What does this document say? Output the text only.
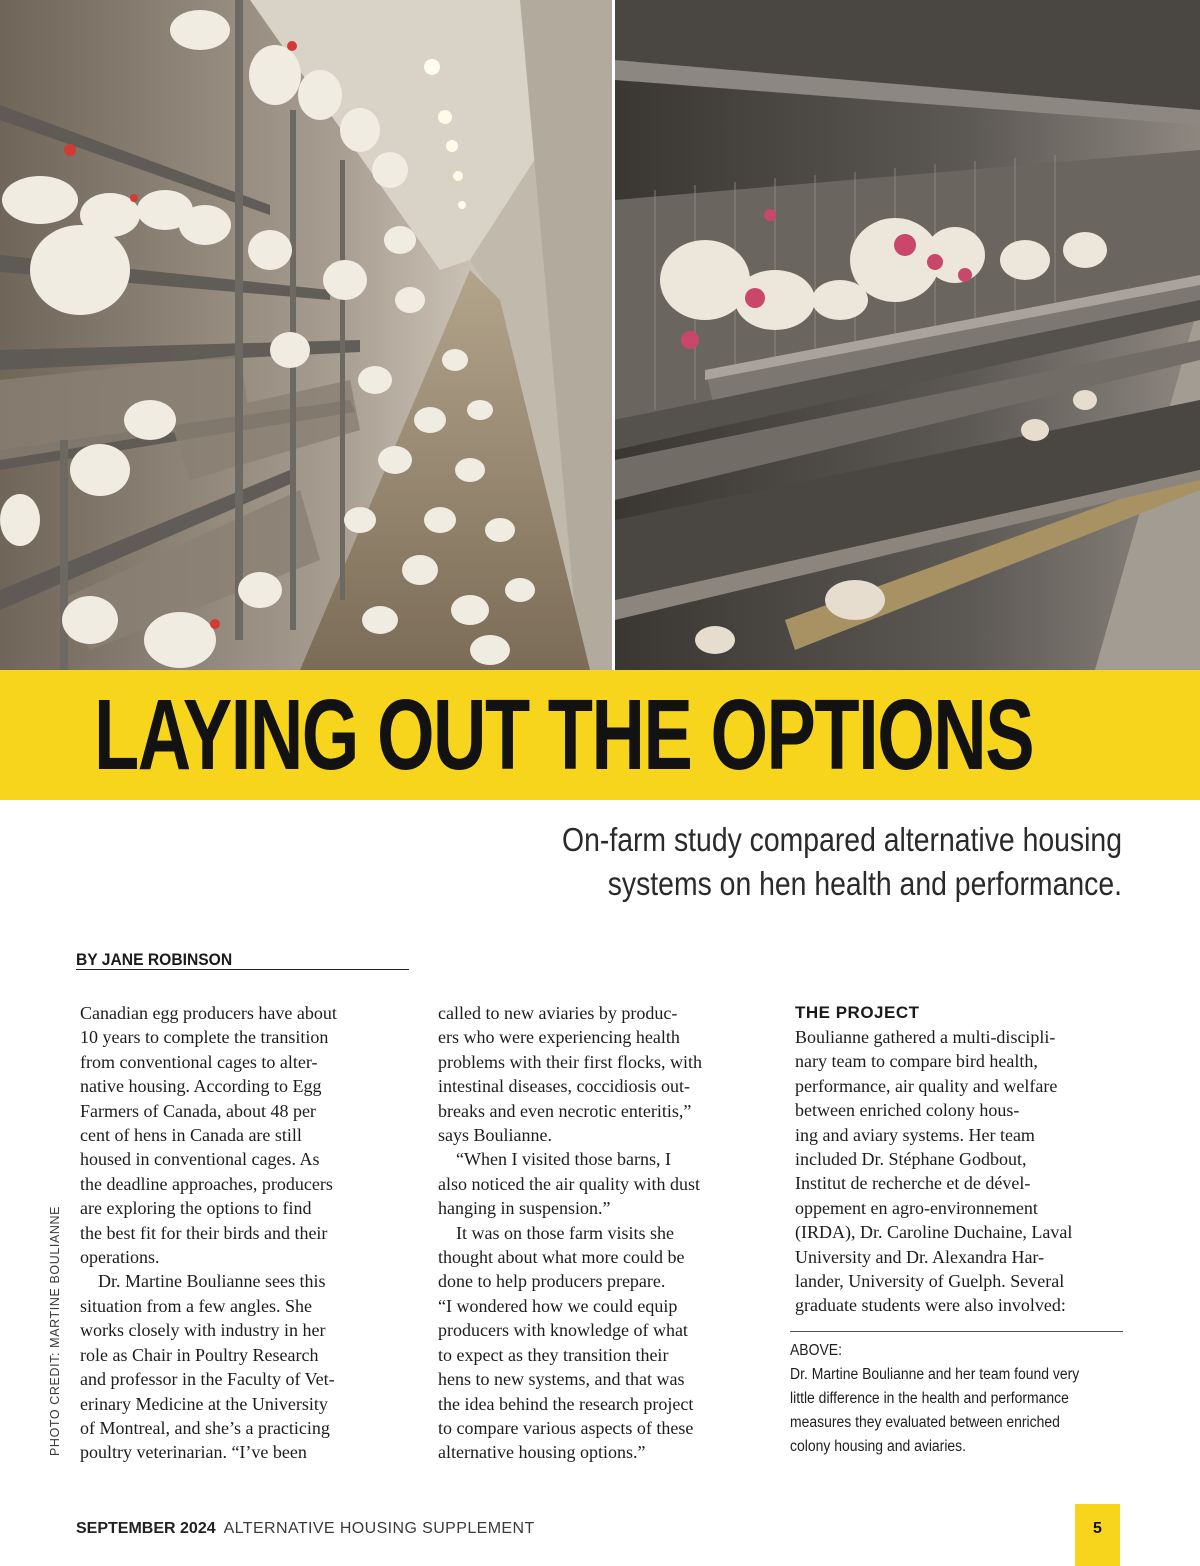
LAYING OUT THE OPTIONS
On-farm study compared alternative housing
systems on hen health and performance.
BY JANE ROBINSON
PHOTO CREDIT: MARTINE BOULIANNE
Canadian egg producers have about
10 years to complete the transition
from conventional cages to alter-
native housing. According to Egg
Farmers of Canada, about 48 per
cent of hens in Canada are still
housed in conventional cages. As
the deadline approaches, producers
are exploring the options to find
the best fit for their birds and their
operations.
Dr. Martine Boulianne sees this
situation from a few angles. She
works closely with industry in her
role as Chair in Poultry Research
and professor in the Faculty of Vet-
erinary Medicine at the University
of Montreal, and she’s a practicing
poultry veterinarian. “I’ve been
called to new aviaries by produc-
ers who were experiencing health
problems with their first flocks, with
intestinal diseases, coccidiosis out-
breaks and even necrotic enteritis,”
says Boulianne.
“When I visited those barns, I
also noticed the air quality with dust
hanging in suspension.”
It was on those farm visits she
thought about what more could be
done to help producers prepare.
“I wondered how we could equip
producers with knowledge of what
to expect as they transition their
hens to new systems, and that was
the idea behind the research project
to compare various aspects of these
alternative housing options.”
THE PROJECT
Boulianne gathered a multi-discipli-
nary team to compare bird health,
performance, air quality and welfare
between enriched colony hous-
ing and aviary systems. Her team
included Dr. Stéphane Godbout,
Institut de recherche et de dével-
oppement en agro-environnement
(IRDA), Dr. Caroline Duchaine, Laval
University and Dr. Alexandra Har-
lander, University of Guelph. Several
graduate students were also involved:
ABOVE:
Dr. Martine Boulianne and her team found very
little difference in the health and performance
measures they evaluated between enriched
colony housing and aviaries.
SEPTEMBER 2024 ALTERNATIVE HOUSING SUPPLEMENT	5
